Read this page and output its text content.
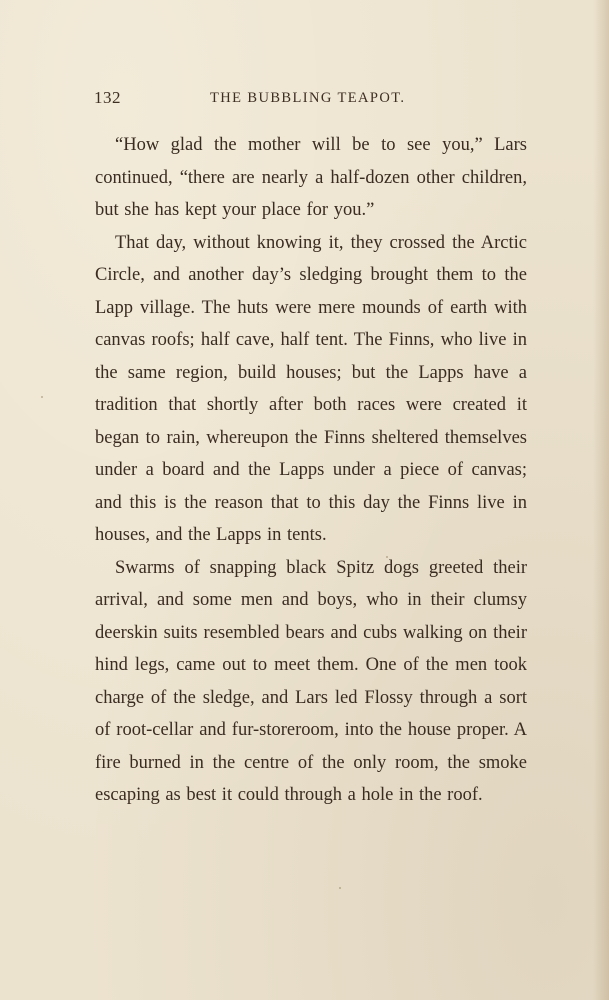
132	THE BUBBLING TEAPOT.

“How glad the mother will be to see you,” Lars continued, “there are nearly a half-dozen other children, but she has kept your place for you.”

That day, without knowing it, they crossed the Arctic Circle, and another day’s sledging brought them to the Lapp village. The huts were mere mounds of earth with canvas roofs; half cave, half tent. The Finns, who live in the same region, build houses; but the Lapps have a tradition that shortly after both races were created it began to rain, whereupon the Finns sheltered themselves under a board and the Lapps under a piece of canvas; and this is the reason that to this day the Finns live in houses, and the Lapps in tents.

Swarms of snapping black Spitz dogs greeted their arrival, and some men and boys, who in their clumsy deerskin suits resembled bears and cubs walking on their hind legs, came out to meet them. One of the men took charge of the sledge, and Lars led Flossy through a sort of root-cellar and fur-storeroom, into the house proper. A fire burned in the centre of the only room, the smoke escaping as best it could through a hole in the roof.
